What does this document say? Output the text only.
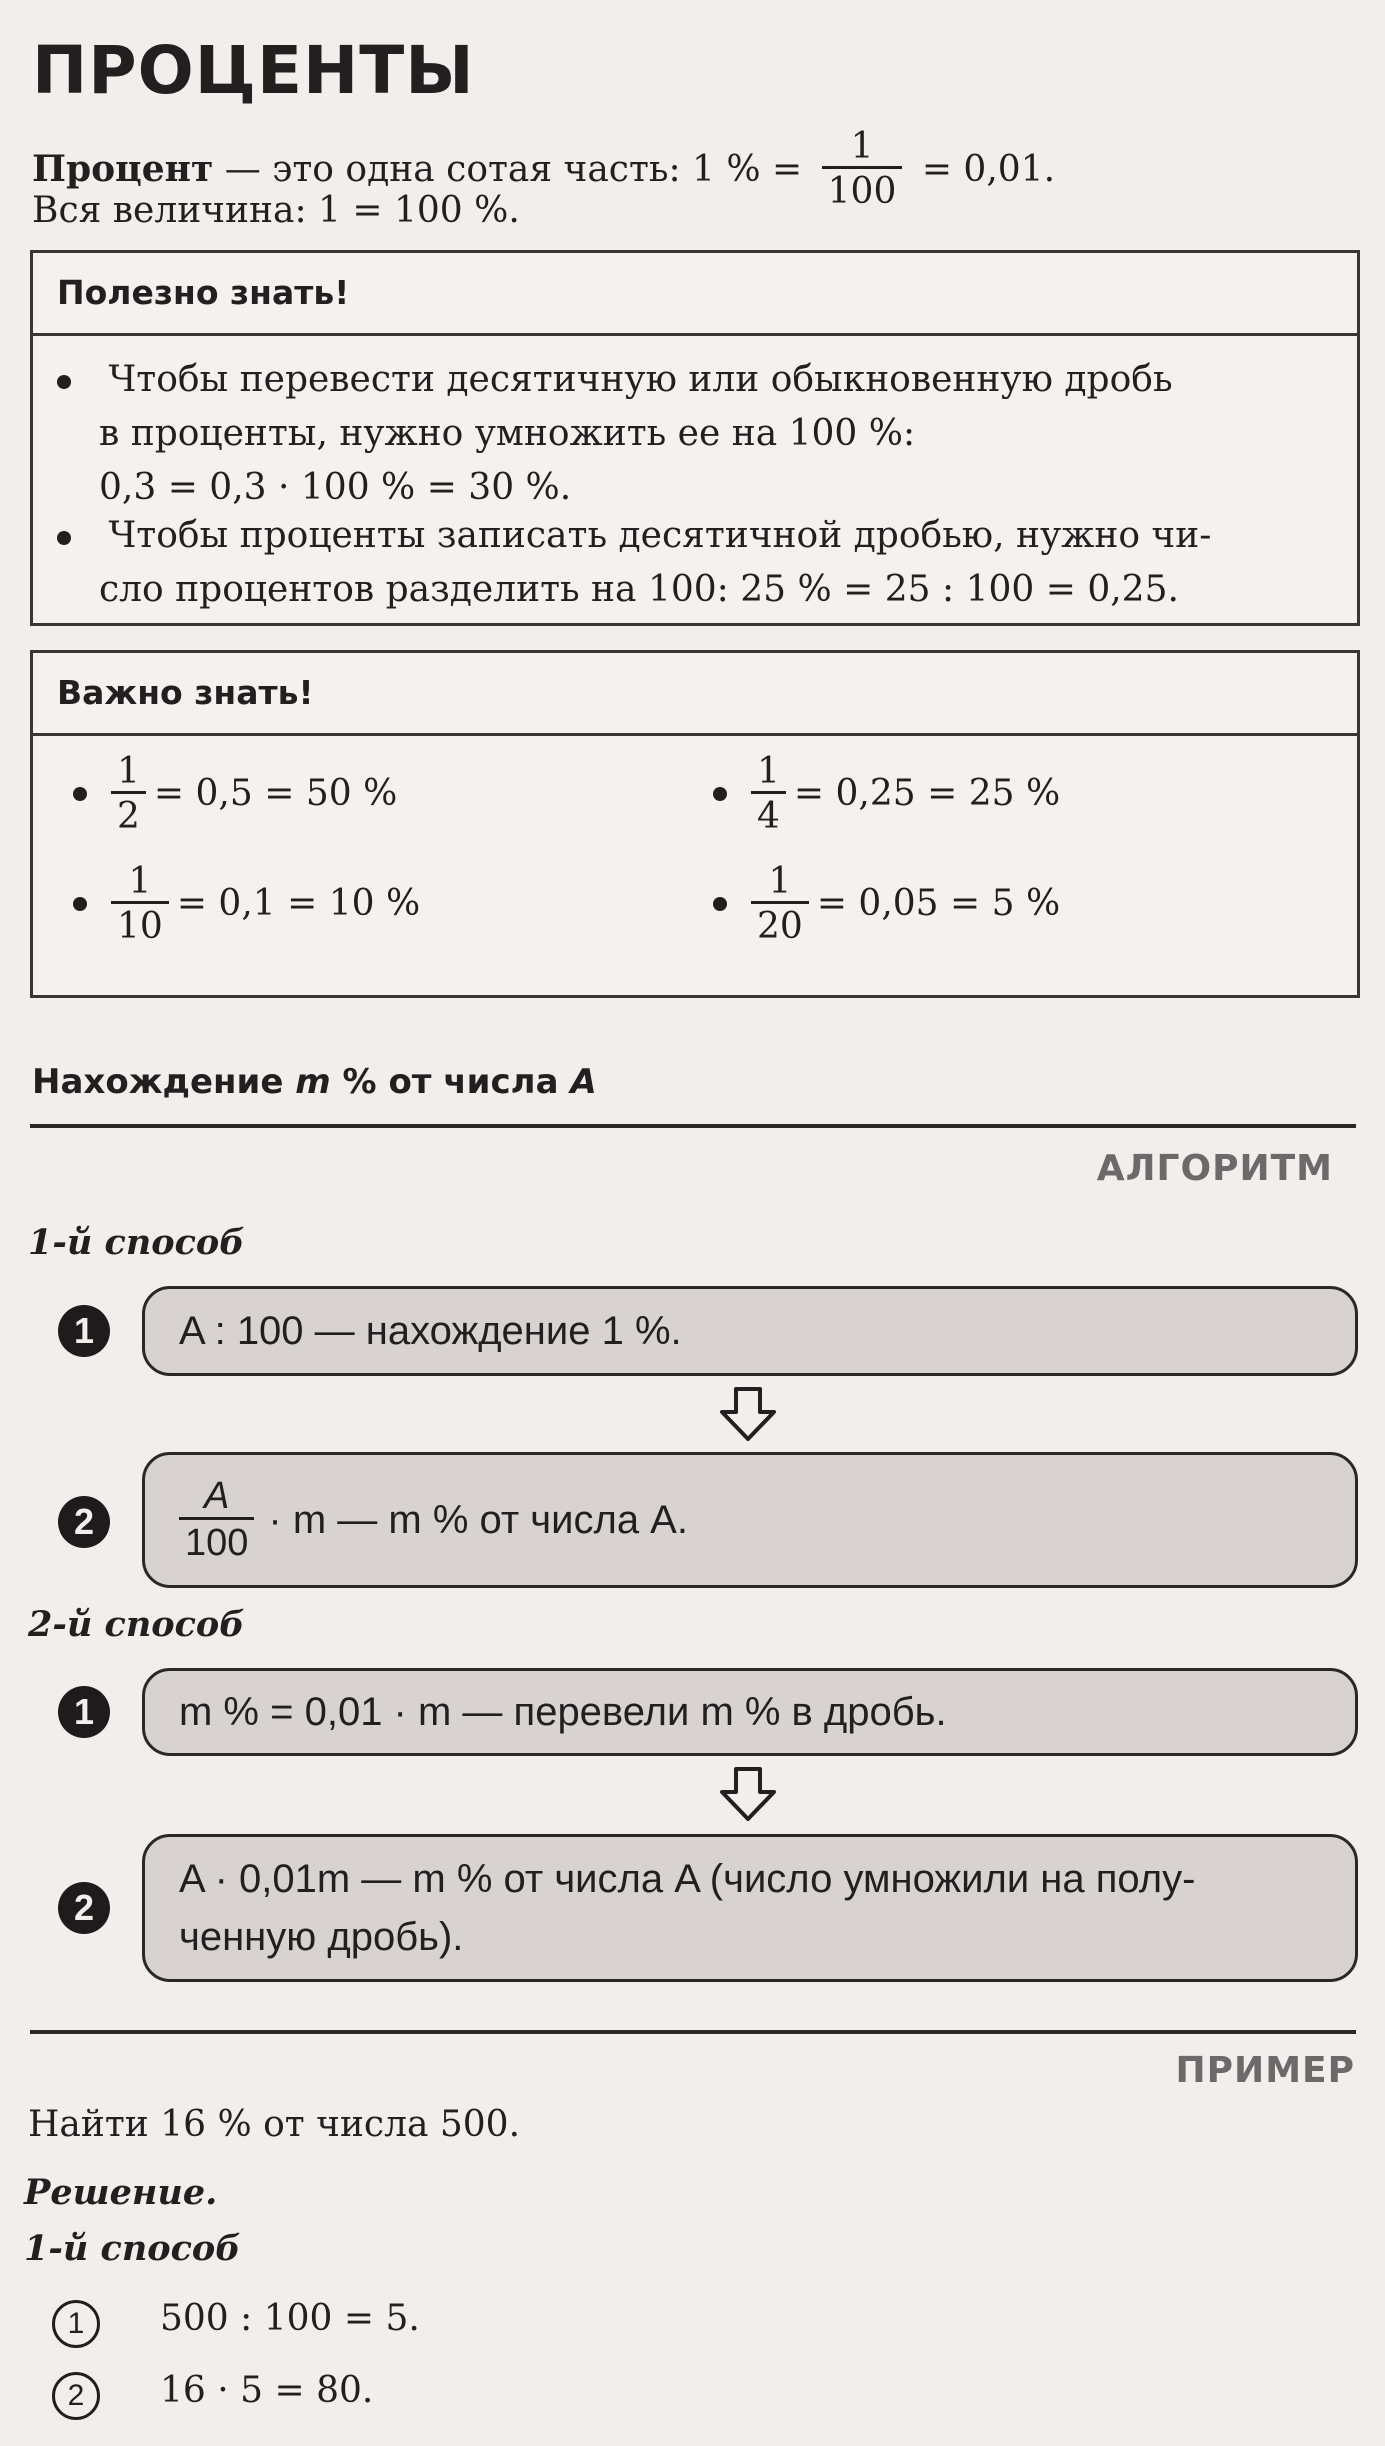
ПРОЦЕНТЫ
Процент — это одна сотая часть: 1 % = $\frac{1}{100} = 0,01$.
Вся величина: 1 = 100 %.
Полезно знать!
Чтобы перевести десятичную или обыкновенную дробь
в проценты, нужно умножить ее на 100 %:
0,3 = 0,3 · 100 % = 30 %.
Чтобы проценты записать десятичной дробью, нужно чи-
сло процентов разделить на 100: 25 % = 25 : 100 = 0,25.
Важно знать!
$\frac{1}{2} = 0,5 = 50$ %	$\frac{1}{4} = 0,25 = 25$ %
$\frac{1}{10} = 0,1 = 10$ %	$\frac{1}{20} = 0,05 = 5$ %
Нахождение m % от числа A
АЛГОРИТМ
1-й способ
1	A : 100 — нахождение 1 %.
2	$\frac{A}{100} \cdot m$ — m % от числа A.
2-й способ
1	m % = 0,01 · m — перевели m % в дробь.
2
A · 0,01m — m % от числа A (число умножили на полу-
ченную дробь).
ПРИМЕР
Найти 16 % от числа 500.
Решение.
1-й способ
1	500 : 100 = 5.
2	16 · 5 = 80.
